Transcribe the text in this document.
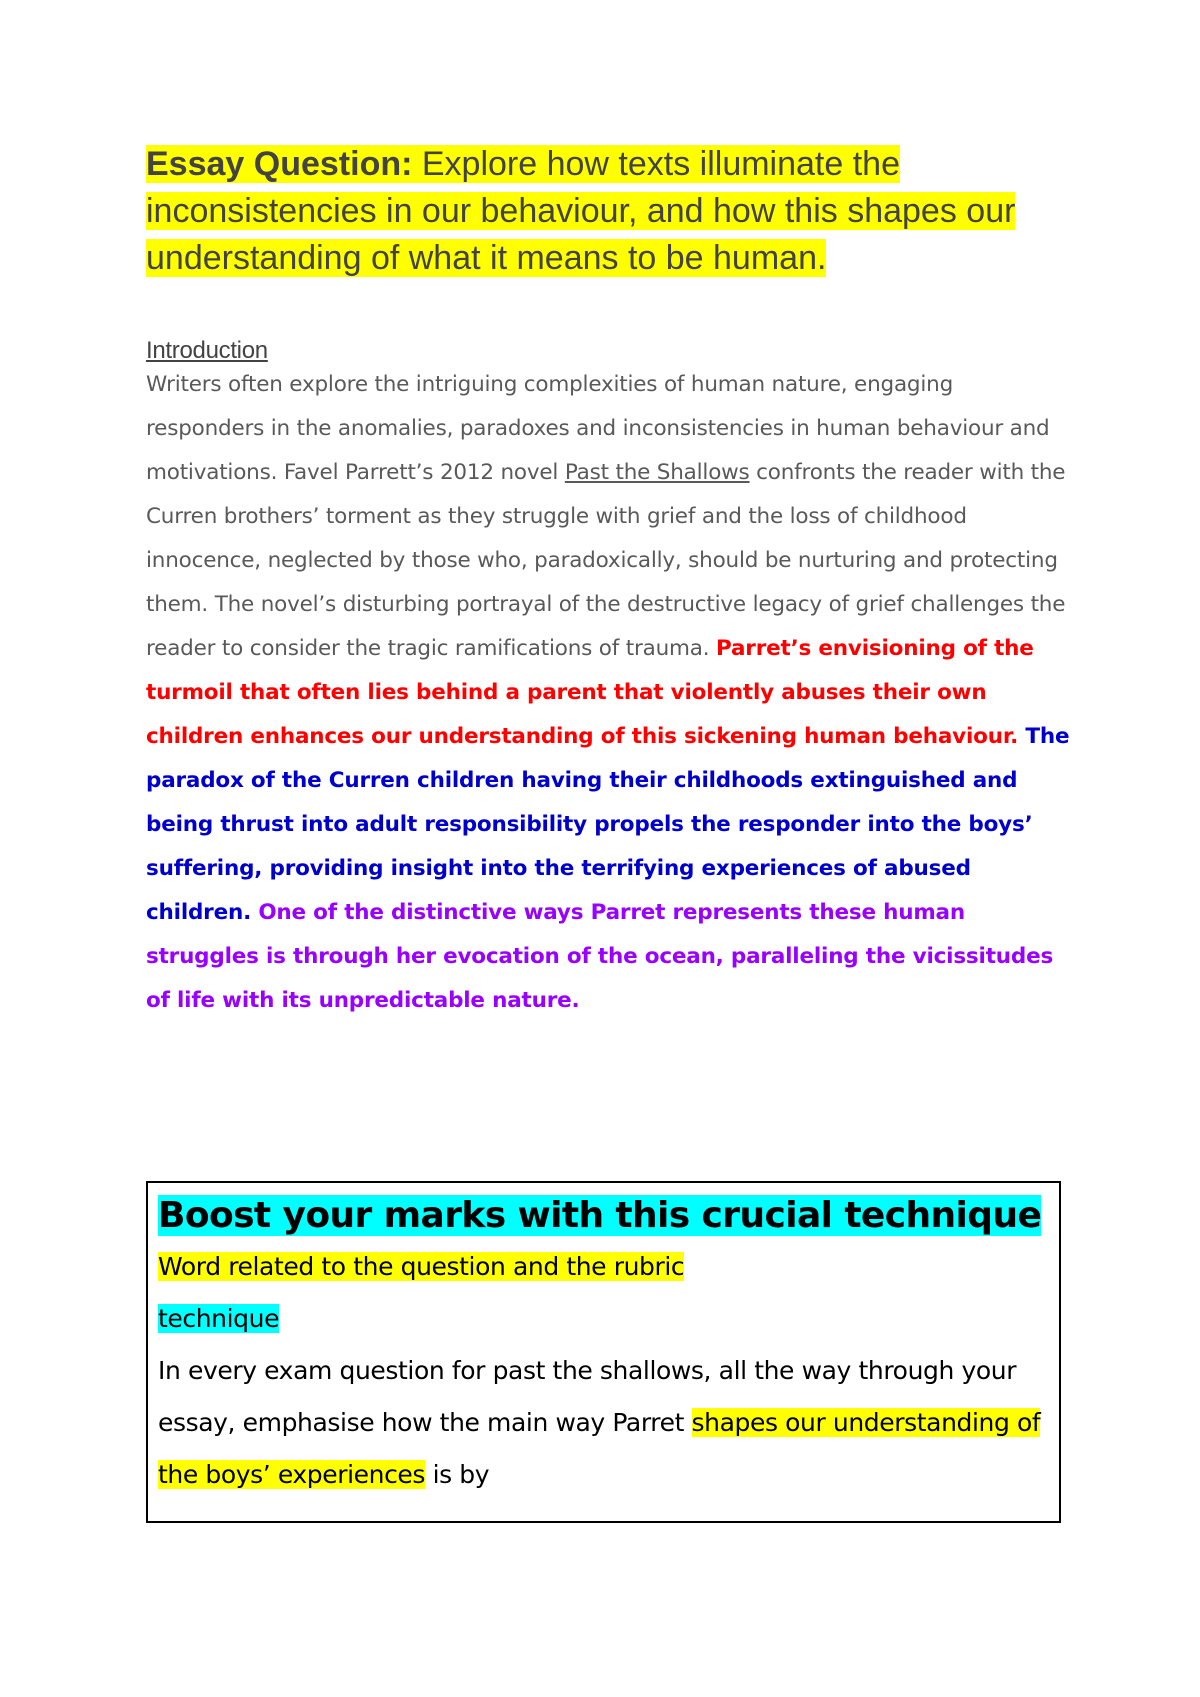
Essay Question: Explore how texts illuminate the inconsistencies in our behaviour, and how this shapes our understanding of what it means to be human.
Introduction
Writers often explore the intriguing complexities of human nature, engaging responders in the anomalies, paradoxes and inconsistencies in human behaviour and motivations. Favel Parrett’s 2012 novel Past the Shallows confronts the reader with the Curren brothers’ torment as they struggle with grief and the loss of childhood innocence, neglected by those who, paradoxically, should be nurturing and protecting them. The novel’s disturbing portrayal of the destructive legacy of grief challenges the reader to consider the tragic ramifications of trauma. Parret’s envisioning of the turmoil that often lies behind a parent that violently abuses their own children enhances our understanding of this sickening human behaviour. The paradox of the Curren children having their childhoods extinguished and being thrust into adult responsibility propels the responder into the boys’ suffering, providing insight into the terrifying experiences of abused children. One of the distinctive ways Parret represents these human struggles is through her evocation of the ocean, paralleling the vicissitudes of life with its unpredictable nature.
Boost your marks with this crucial technique
Word related to the question and the rubric
technique
In every exam question for past the shallows, all the way through your essay, emphasise how the main way Parret shapes our understanding of the boys’ experiences is by
